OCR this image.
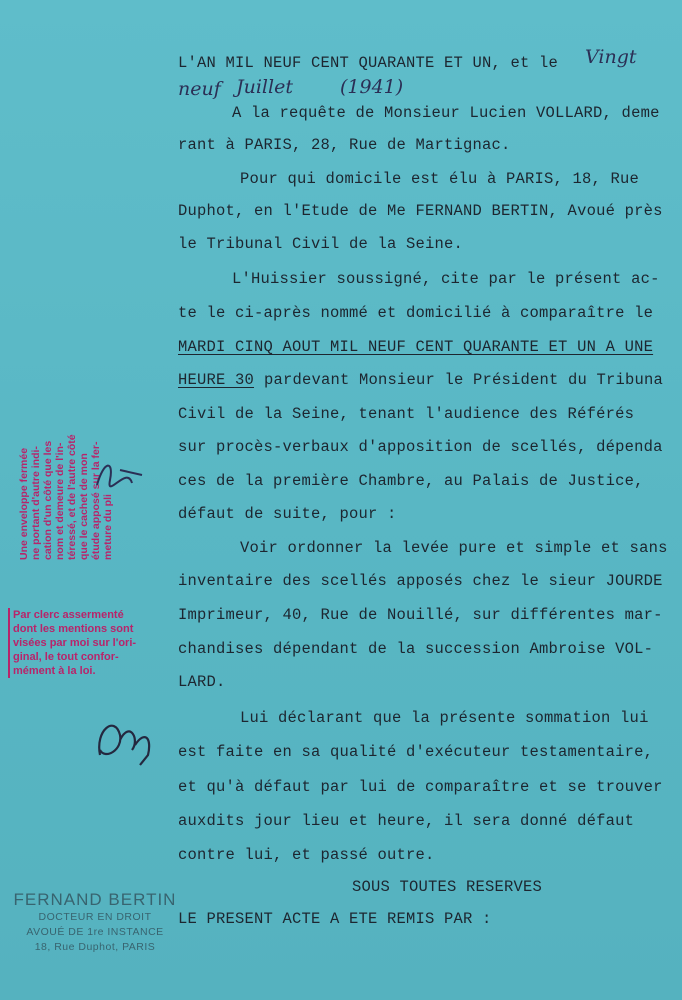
L'AN MIL NEUF CENT QUARANTE ET UN, et le Vingt
neuf Juillet (1941)
A la requête de Monsieur Lucien VOLLARD, deme
rant à PARIS, 28, Rue de Martignac.
Pour qui domicile est élu à PARIS, 18, Rue
Duphot, en l'Etude de Me FERNAND BERTIN, Avoué près
le Tribunal Civil de la Seine.
L'Huissier soussigné, cite par le présent ac-
te le ci-après nommé et domicilié à comparaître le
MARDI CINQ AOUT MIL NEUF CENT QUARANTE ET UN A UNE
HEURE 30 pardevant Monsieur le Président du Tribuna
Civil de la Seine, tenant l'audience des Référés
sur procès-verbaux d'apposition de scellés, dépenda
ces de la première Chambre, au Palais de Justice,
défaut de suite, pour :
Voir ordonner la levée pure et simple et sans
inventaire des scellés apposés chez le sieur JOURDE
Imprimeur, 40, Rue de Nouillé, sur différentes mar-
chandises dépendant de la succession Ambroise VOL-
LARD.
Lui déclarant que la présente sommation lui
est faite en sa qualité d'exécuteur testamentaire,
et qu'à défaut par lui de comparaître et se trouver
auxdits jour lieu et heure, il sera donné défaut
contre lui, et passé outre.
SOUS TOUTES RESERVES
LE PRESENT ACTE A ETE REMIS PAR :
Une enveloppe fermée ne portant d'autre indi- cation d'un côté que les nom et demeure de l'in- téressé, et de l'autre côté que le cachet de mon étude apposé sur la fer- meture du pli
Par clerc assermenté
dont les mentions sont
visées par moi sur l'ori-
ginal, le tout confor-
mément à la loi.
FERNAND BERTIN
DOCTEUR EN DROIT
AVOUÉ DE 1re INSTANCE
18, Rue Duphot, PARIS
